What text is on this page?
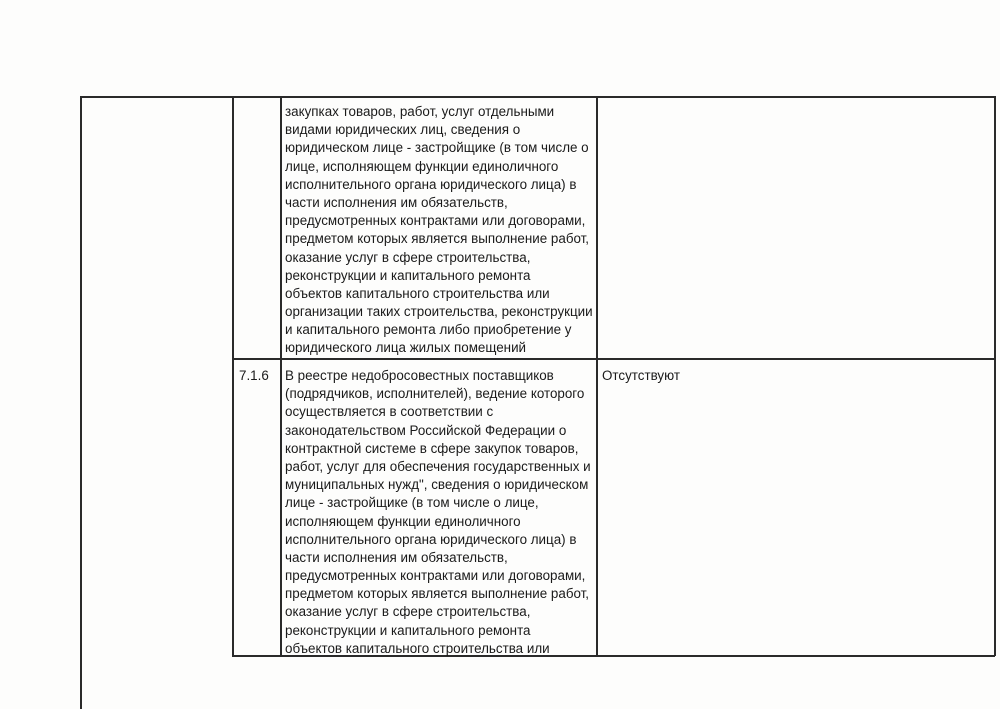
закупках товаров, работ, услуг отдельными
видами юридических лиц, сведения о
юридическом лице - застройщике (в том числе о
лице, исполняющем функции единоличного
исполнительного органа юридического лица) в
части исполнения им обязательств,
предусмотренных контрактами или договорами,
предметом которых является выполнение работ,
оказание услуг в сфере строительства,
реконструкции и капитального ремонта
объектов капитального строительства или
организации таких строительства, реконструкции
и капитального ремонта либо приобретение у
юридического лица жилых помещений
7.1.6 В реестре недобросовестных поставщиков
(подрядчиков, исполнителей), ведение которого
осуществляется в соответствии с
законодательством Российской Федерации о
контрактной системе в сфере закупок товаров,
работ, услуг для обеспечения государственных и
муниципальных нужд", сведения о юридическом
лице - застройщике (в том числе о лице,
исполняющем функции единоличного
исполнительного органа юридического лица) в
части исполнения им обязательств,
предусмотренных контрактами или договорами,
предметом которых является выполнение работ,
оказание услуг в сфере строительства,
реконструкции и капитального ремонта
объектов капитального строительства или
Отсутствуют
